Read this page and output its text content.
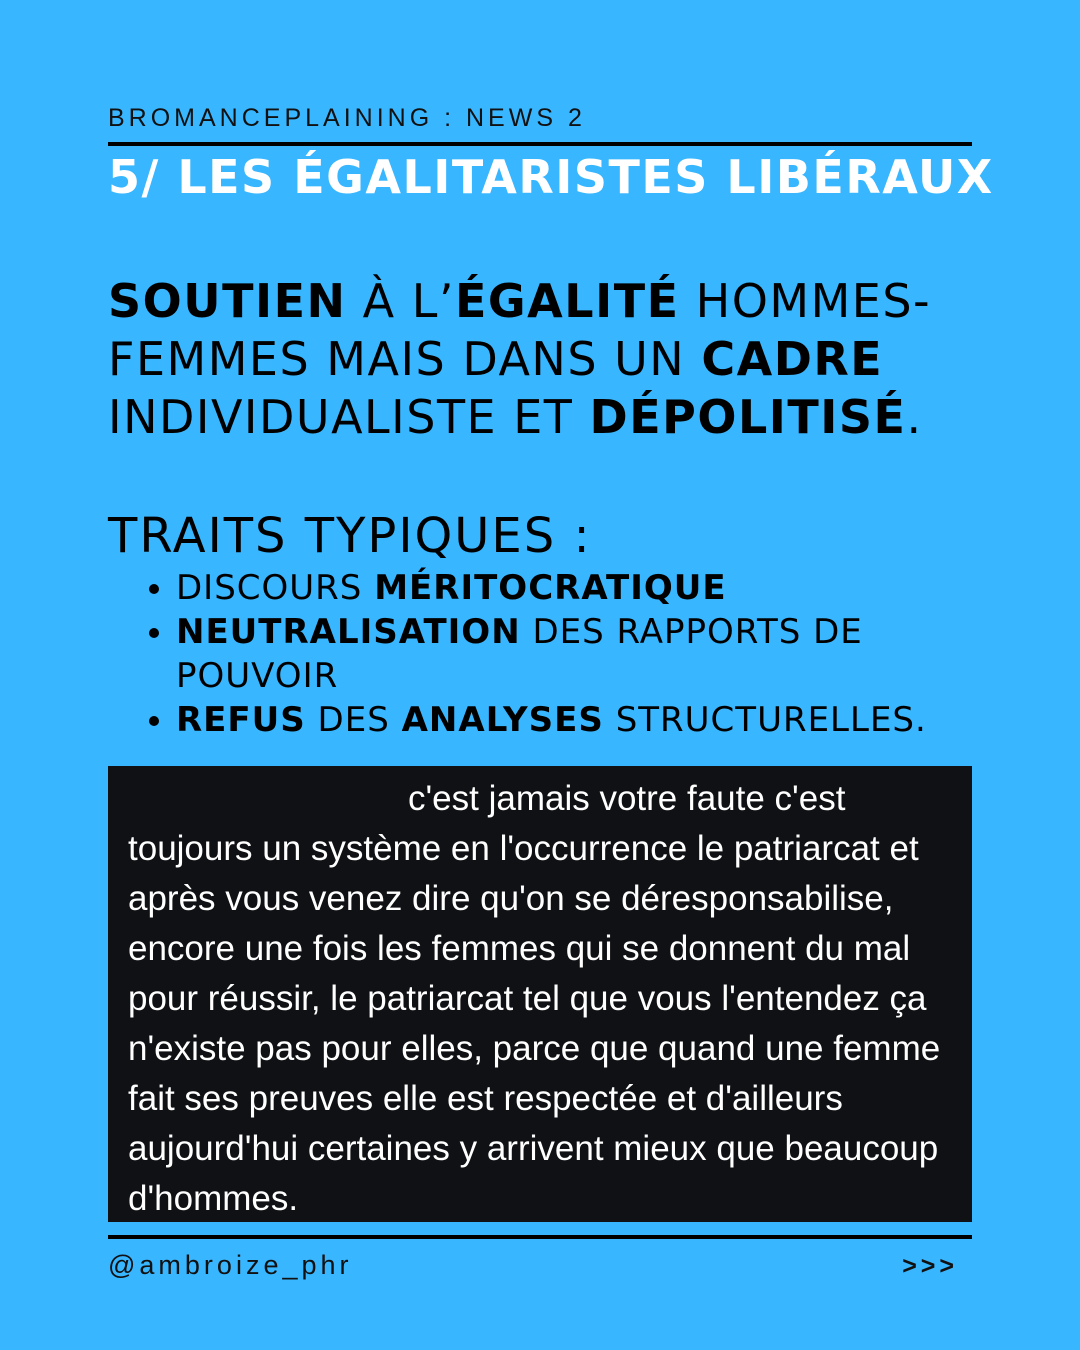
BROMANCEPLAINING : NEWS 2
5/ LES ÉGALITARISTES LIBÉRAUX
SOUTIEN À L’ÉGALITÉ HOMMES-FEMMES MAIS DANS UN CADRE INDIVIDUALISTE ET DÉPOLITISÉ.
TRAITS TYPIQUES :
• DISCOURS MÉRITOCRATIQUE
• NEUTRALISATION DES RAPPORTS DE POUVOIR
• REFUS DES ANALYSES STRUCTURELLES.

c'est jamais votre faute c'est toujours un système en l'occurrence le patriarcat et après vous venez dire qu'on se déresponsabilise, encore une fois les femmes qui se donnent du mal pour réussir, le patriarcat tel que vous l'entendez ça n'existe pas pour elles, parce que quand une femme fait ses preuves elle est respectée et d'ailleurs aujourd'hui certaines y arrivent mieux que beaucoup d'hommes.

@ambroize_phr	>>>
